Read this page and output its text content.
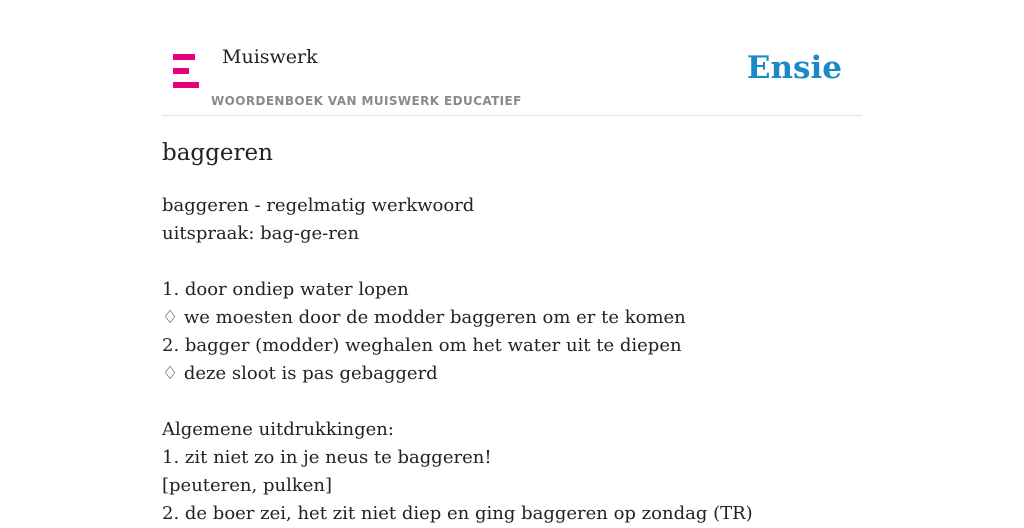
Muiswerk
WOORDENBOEK VAN MUISWERK EDUCATIEF
Ensie
baggeren
baggeren - regelmatig werkwoord
uitspraak: bag-ge-ren
1. door ondiep water lopen
♢ we moesten door de modder baggeren om er te komen
2. bagger (modder) weghalen om het water uit te diepen
♢ deze sloot is pas gebaggerd
Algemene uitdrukkingen:
1. zit niet zo in je neus te baggeren!
[peuteren, pulken]
2. de boer zei, het zit niet diep en ging baggeren op zondag (TR)
